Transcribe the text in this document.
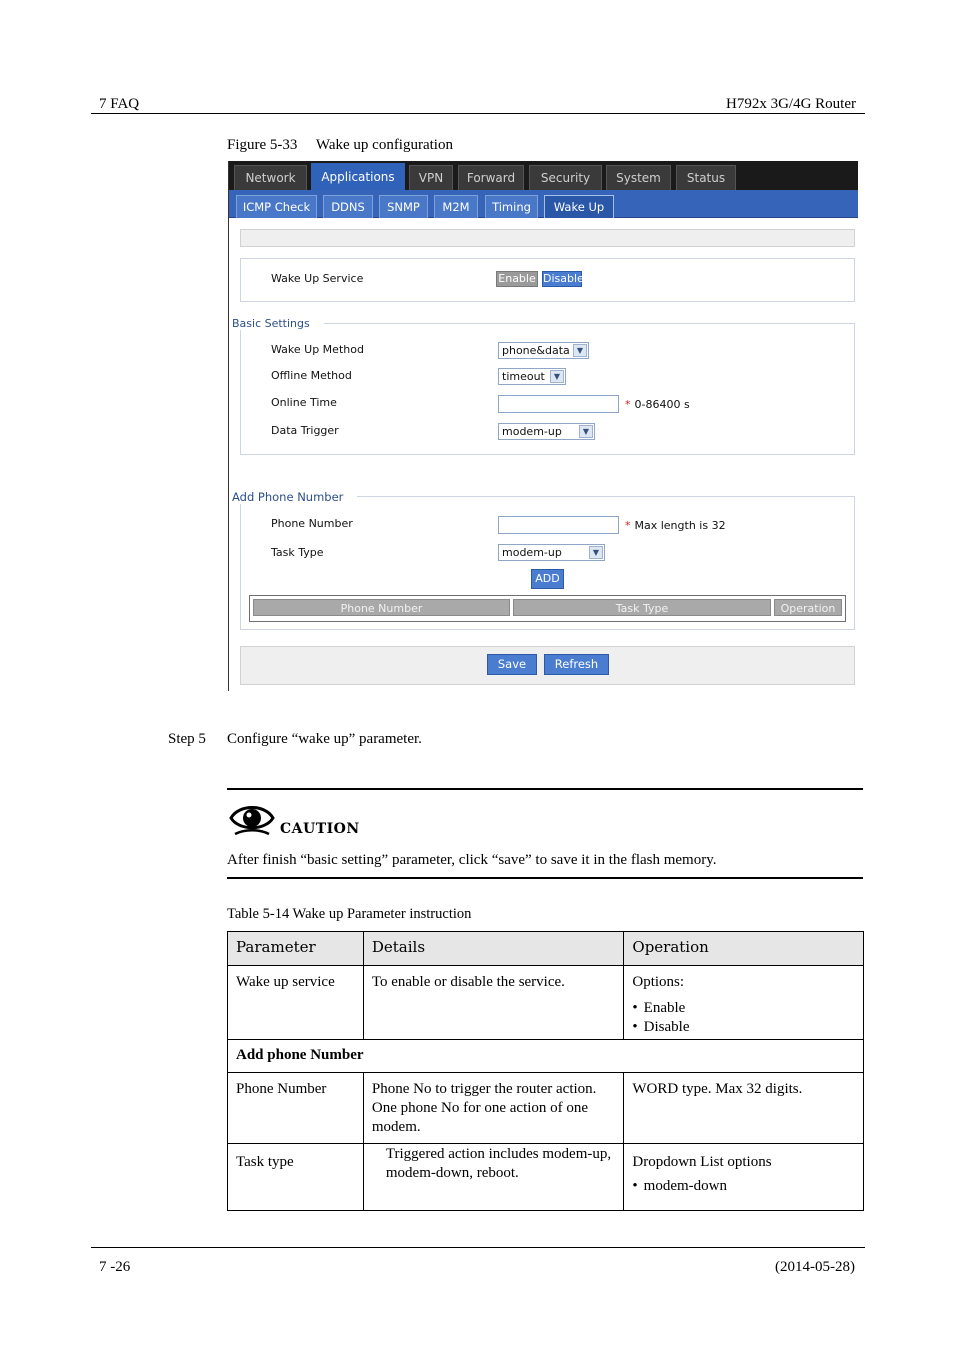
7 FAQ	H792x 3G/4G Router
Figure 5-33     Wake up configuration
Network	Applications	VPN	Forward	Security	System	Status
ICMP Check	DDNS	SNMP	M2M	Timing	Wake Up
Wake Up Service	Enable Disable
Basic Settings
Wake Up Method	phone&data ▼
Offline Method	timeout	▼
Online Time	* 0-86400 s
Data Trigger	modem-up	▼
Add Phone Number
Phone Number	* Max length is 32
Task Type	modem-up	▼
ADD
Phone Number	Task Type	Operation
Save	Refresh
Step 5 Configure “wake up” parameter.
CAUTION
After finish “basic setting” parameter, click “save” to save it in the flash memory.
Table 5-14 Wake up Parameter instruction
Parameter	Details	Operation
Wake up service	To enable or disable the service.	Options:
• Enable
• Disable

Add phone Number		
Phone Number	Phone No to trigger the router action. One phone No for one action of one modem.	WORD type. Max 32 digits.
Task type	Triggered action includes modem-up, modem-down, reboot.	Dropdown List options
• modem-down
7 -26	(2014-05-28)
